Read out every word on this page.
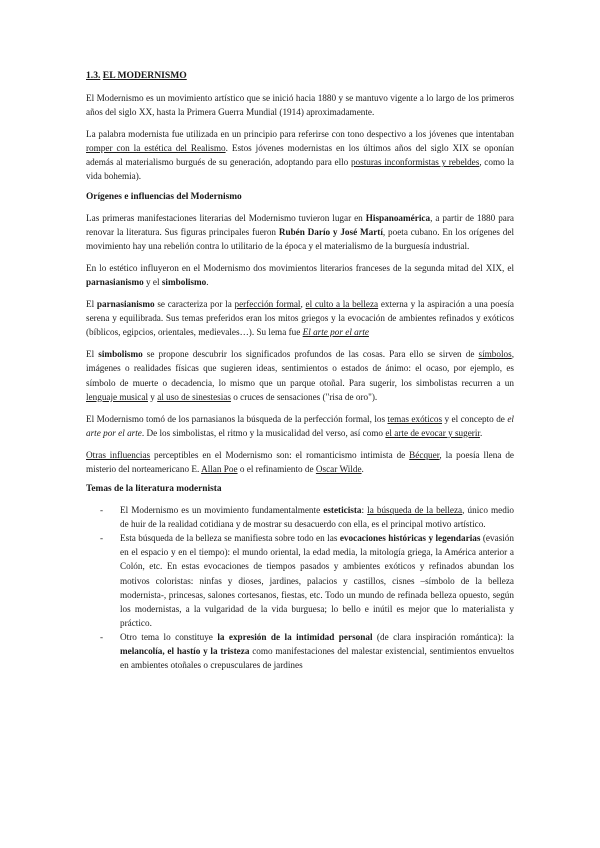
1.3. EL MODERNISMO

El Modernismo es un movimiento artístico que se inició hacia 1880 y se mantuvo vigente a lo largo de los primeros años del siglo XX, hasta la Primera Guerra Mundial (1914) aproximadamente.

La palabra modernista fue utilizada en un principio para referirse con tono despectivo a los jóvenes que intentaban romper con la estética del Realismo. Estos jóvenes modernistas en los últimos años del siglo XIX se oponían además al materialismo burgués de su generación, adoptando para ello posturas inconformistas y rebeldes, como la vida bohemia).

Orígenes e influencias del Modernismo

Las primeras manifestaciones literarias del Modernismo tuvieron lugar en Hispanoamérica, a partir de 1880 para renovar la literatura. Sus figuras principales fueron Rubén Darío y José Martí, poeta cubano. En los orígenes del movimiento hay una rebelión contra lo utilitario de la época y el materialismo de la burguesía industrial.

En lo estético influyeron en el Modernismo dos movimientos literarios franceses de la segunda mitad del XIX, el parnasianismo y el simbolismo.

El parnasianismo se caracteriza por la perfección formal, el culto a la belleza externa y la aspiración a una poesía serena y equilibrada. Sus temas preferidos eran los mitos griegos y la evocación de ambientes refinados y exóticos (bíblicos, egipcios, orientales, medievales…). Su lema fue El arte por el arte

El simbolismo se propone descubrir los significados profundos de las cosas. Para ello se sirven de símbolos, imágenes o realidades físicas que sugieren ideas, sentimientos o estados de ánimo: el ocaso, por ejemplo, es símbolo de muerte o decadencia, lo mismo que un parque otoñal. Para sugerir, los simbolistas recurren a un lenguaje musical y al uso de sinestesias o cruces de sensaciones ("risa de oro").

El Modernismo tomó de los parnasianos la búsqueda de la perfección formal, los temas exóticos y el concepto de el arte por el arte. De los simbolistas, el ritmo y la musicalidad del verso, así como el arte de evocar y sugerir.

Otras influencias perceptibles en el Modernismo son: el romanticismo intimista de Bécquer, la poesía llena de misterio del norteamericano E. Allan Poe o el refinamiento de Oscar Wilde.

Temas de la literatura modernista

- El Modernismo es un movimiento fundamentalmente esteticista: la búsqueda de la belleza, único medio de huir de la realidad cotidiana y de mostrar su desacuerdo con ella, es el principal motivo artístico.
- Esta búsqueda de la belleza se manifiesta sobre todo en las evocaciones históricas y legendarias (evasión en el espacio y en el tiempo): el mundo oriental, la edad media, la mitología griega, la América anterior a Colón, etc. En estas evocaciones de tiempos pasados y ambientes exóticos y refinados abundan los motivos coloristas: ninfas y dioses, jardines, palacios y castillos, cisnes –símbolo de la belleza modernista-, princesas, salones cortesanos, fiestas, etc. Todo un mundo de refinada belleza opuesto, según los modernistas, a la vulgaridad de la vida burguesa; lo bello e inútil es mejor que lo materialista y práctico.
- Otro tema lo constituye la expresión de la intimidad personal (de clara inspiración romántica): la melancolía, el hastío y la tristeza como manifestaciones del malestar existencial, sentimientos envueltos en ambientes otoñales o crepusculares de jardines
